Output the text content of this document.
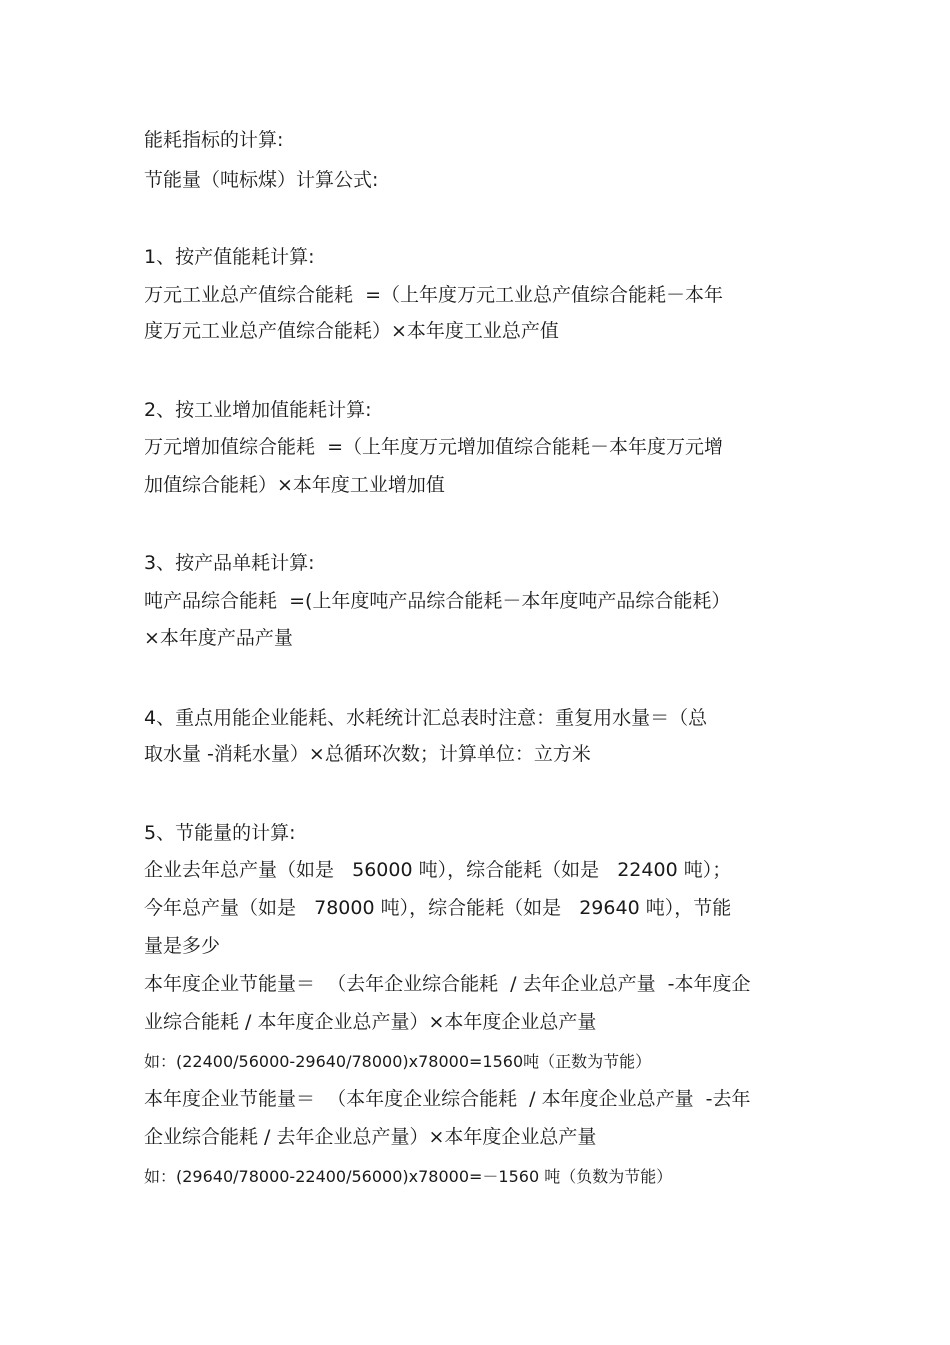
能耗指标的计算:
节能量（吨标煤）计算公式:
1、按产值能耗计算:
万元工业总产值综合能耗  =（上年度万元工业总产值综合能耗－本年
度万元工业总产值综合能耗）×本年度工业总产值
2、按工业增加值能耗计算:
万元增加值综合能耗  =（上年度万元增加值综合能耗－本年度万元增
加值综合能耗）×本年度工业增加值
3、按产品单耗计算:
吨产品综合能耗  =(上年度吨产品综合能耗－本年度吨产品综合能耗）
×本年度产品产量
4、重点用能企业能耗、水耗统计汇总表时注意：重复用水量＝（总
取水量 -消耗水量）×总循环次数；计算单位：立方米
5、节能量的计算:
企业去年总产量（如是   56000 吨），综合能耗（如是   22400 吨）；
今年总产量（如是   78000 吨），综合能耗（如是   29640 吨），节能
量是多少
本年度企业节能量＝  （去年企业综合能耗  / 去年企业总产量  -本年度企
业综合能耗 / 本年度企业总产量）×本年度企业总产量
如：(22400/56000-29640/78000)x78000=1560吨（正数为节能）
本年度企业节能量＝  （本年度企业综合能耗  / 本年度企业总产量  -去年
企业综合能耗 / 去年企业总产量）×本年度企业总产量
如：(29640/78000-22400/56000)x78000=－1560 吨（负数为节能）
